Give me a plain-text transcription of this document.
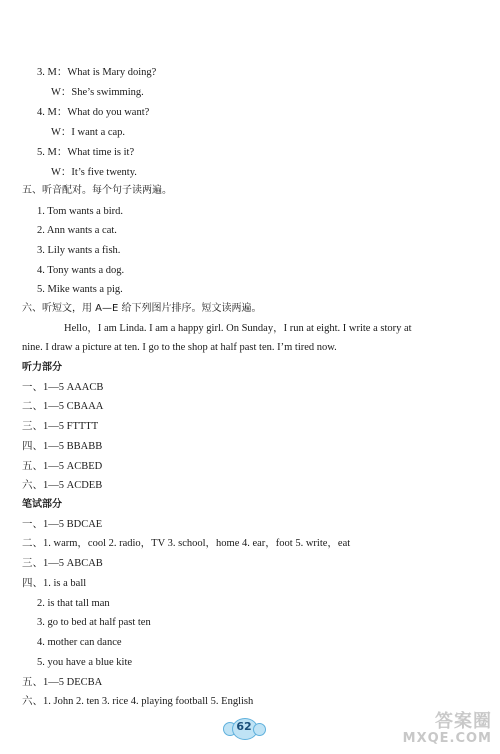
六、1. John 2. ten 3. rice 4. playing football 5. English
五、1—5 DECBA
5. you have a blue kite
4. mother can dance
3. go to bed at half past ten
2. is that tall man
四、1. is a ball
三、1—5 ABCAB
二、1. warm，cool 2. radio，TV 3. school，home 4. ear，foot 5. write，eat
一、1—5 BDCAE
笔试部分
六、1—5 ACDEB
五、1—5 ACBED
四、1—5 BBABB
三、1—5 FTTTT
二、1—5 CBAAA
一、1—5 AAACB
听力部分
nine. I draw a picture at ten. I go to the shop at half past ten. I’m tired now.
Hello，I am Linda. I am a happy girl. On Sunday，I run at eight. I write a story at
六、听短文，用 A—E 给下列图片排序。短文读两遍。
5. Mike wants a pig.
4. Tony wants a dog.
3. Lily wants a fish.
2. Ann wants a cat.
1. Tom wants a bird.
五、听音配对。每个句子读两遍。
W：It’s five twenty.
5. M：What time is it?
W：I want a cap.
4. M：What do you want?
W：She’s swimming.
3. M：What is Mary doing?
62	答案圈
MXQE.COM
